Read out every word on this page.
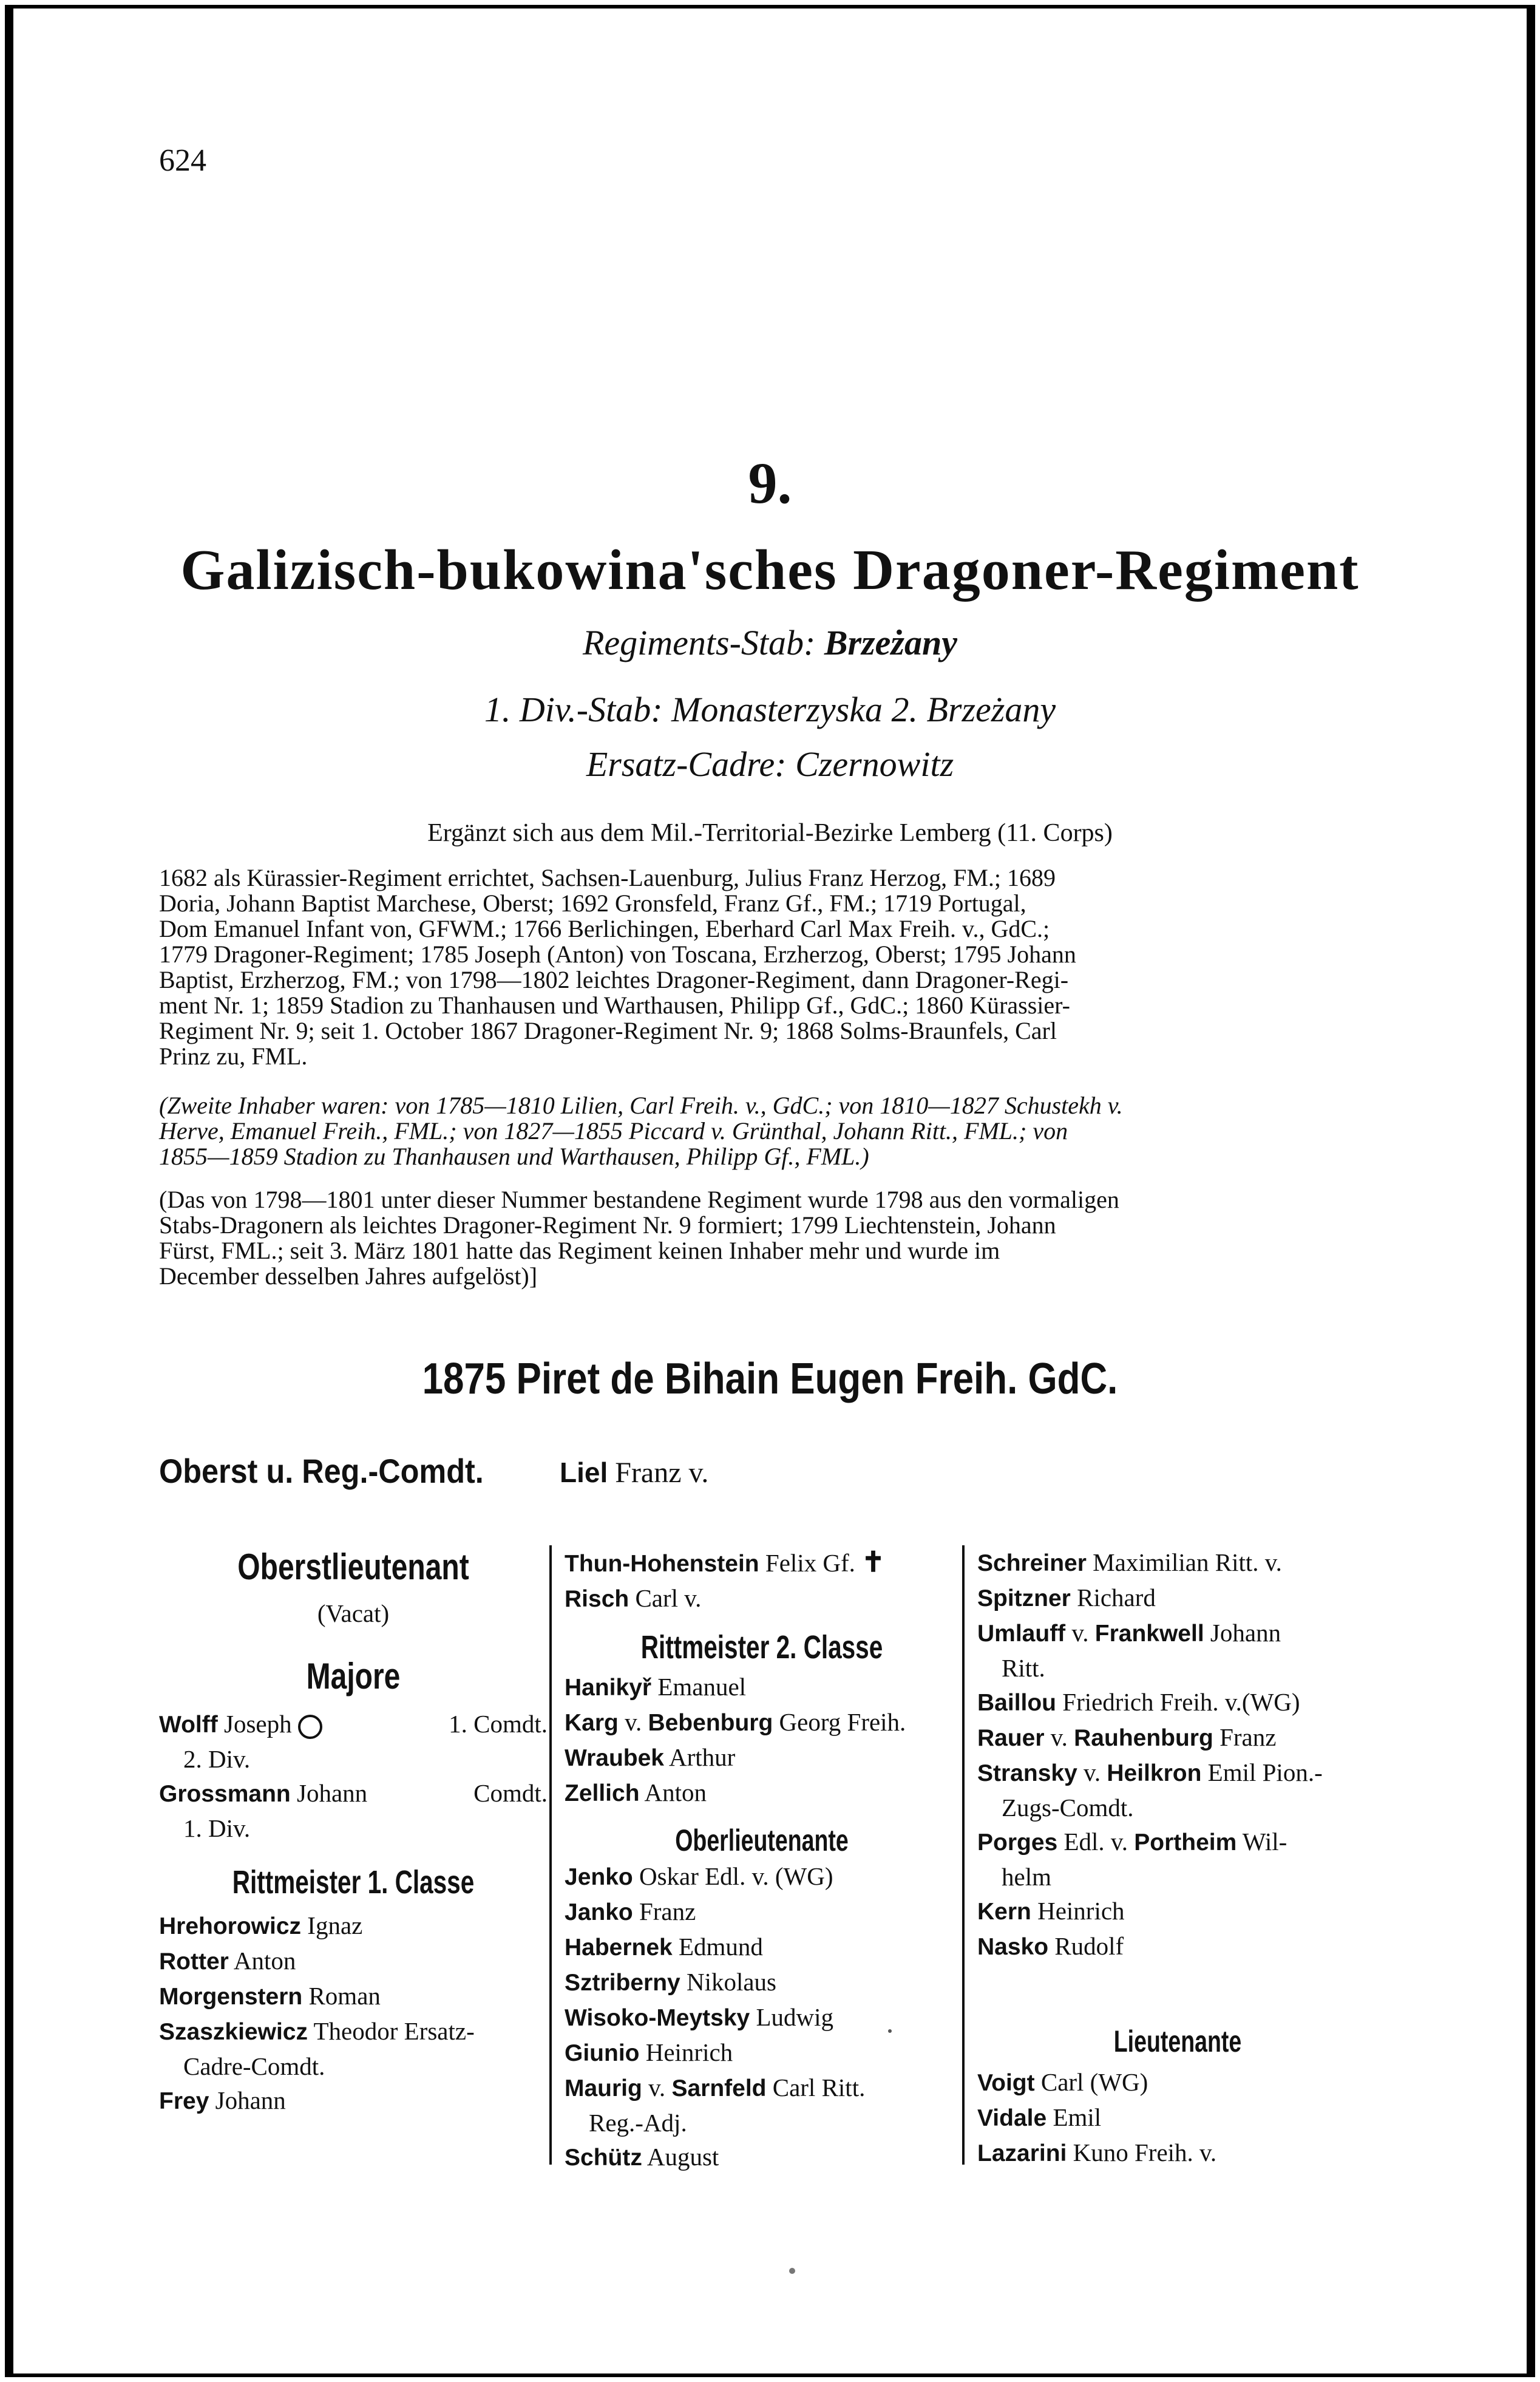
624
9.
Galizisch-bukowina'sches Dragoner-Regiment
Regiments-Stab: Brzeżany
1. Div.-Stab: Monasterzyska 2. Brzeżany
Ersatz-Cadre: Czernowitz
Ergänzt sich aus dem Mil.-Territorial-Bezirke Lemberg (11. Corps)
1682 als Kürassier-Regiment errichtet, Sachsen-Lauenburg, Julius Franz Herzog, FM.; 1689
Doria, Johann Baptist Marchese, Oberst; 1692 Gronsfeld, Franz Gf., FM.; 1719 Portugal,
Dom Emanuel Infant von, GFWM.; 1766 Berlichingen, Eberhard Carl Max Freih. v., GdC.;
1779 Dragoner-Regiment; 1785 Joseph (Anton) von Toscana, Erzherzog, Oberst; 1795 Johann
Baptist, Erzherzog, FM.; von 1798—1802 leichtes Dragoner-Regiment, dann Dragoner-Regi-
ment Nr. 1; 1859 Stadion zu Thanhausen und Warthausen, Philipp Gf., GdC.; 1860 Kürassier-
Regiment Nr. 9; seit 1. October 1867 Dragoner-Regiment Nr. 9; 1868 Solms-Braunfels, Carl
Prinz zu, FML.
(Zweite Inhaber waren: von 1785—1810 Lilien, Carl Freih. v., GdC.; von 1810—1827 Schustekh v.
Herve, Emanuel Freih., FML.; von 1827—1855 Piccard v. Grünthal, Johann Ritt., FML.; von
1855—1859 Stadion zu Thanhausen und Warthausen, Philipp Gf., FML.)
(Das von 1798—1801 unter dieser Nummer bestandene Regiment wurde 1798 aus den vormaligen
Stabs-Dragonern als leichtes Dragoner-Regiment Nr. 9 formiert; 1799 Liechtenstein, Johann
Fürst, FML.; seit 3. März 1801 hatte das Regiment keinen Inhaber mehr und wurde im
December desselben Jahres aufgelöst)]
1875 Piret de Bihain Eugen Freih. GdC.
Oberst u. Reg.-Comdt.	Liel Franz v.
Oberstlieutenant
(Vacat)
Majore
Wolff Joseph	1. Comdt.
2. Div.
Grossmann Johann	Comdt.
1. Div.
Rittmeister 1. Classe
Hrehorowicz Ignaz
Rotter Anton
Morgenstern Roman
Szaszkiewicz Theodor Ersatz-
Cadre-Comdt.
Frey Johann
Thun-Hohenstein Felix Gf. ✝
Risch Carl v.
Rittmeister 2. Classe
Hanikyř Emanuel
Karg v. Bebenburg Georg Freih.
Wraubek Arthur
Zellich Anton
Oberlieutenante
Jenko Oskar Edl. v. (WG)
Janko Franz
Habernek Edmund
Sztriberny Nikolaus
Wisoko-Meytsky Ludwig
Giunio Heinrich
Maurig v. Sarnfeld Carl Ritt.
Reg.-Adj.
Schütz August
Schreiner Maximilian Ritt. v.
Spitzner Richard
Umlauff v. Frankwell Johann
Ritt.
Baillou Friedrich Freih. v.(WG)
Rauer v. Rauhenburg Franz
Stransky v. Heilkron Emil Pion.-
Zugs-Comdt.
Porges Edl. v. Portheim Wil-
helm
Kern Heinrich
Nasko Rudolf
Lieutenante
Voigt Carl (WG)
Vidale Emil
Lazarini Kuno Freih. v.
